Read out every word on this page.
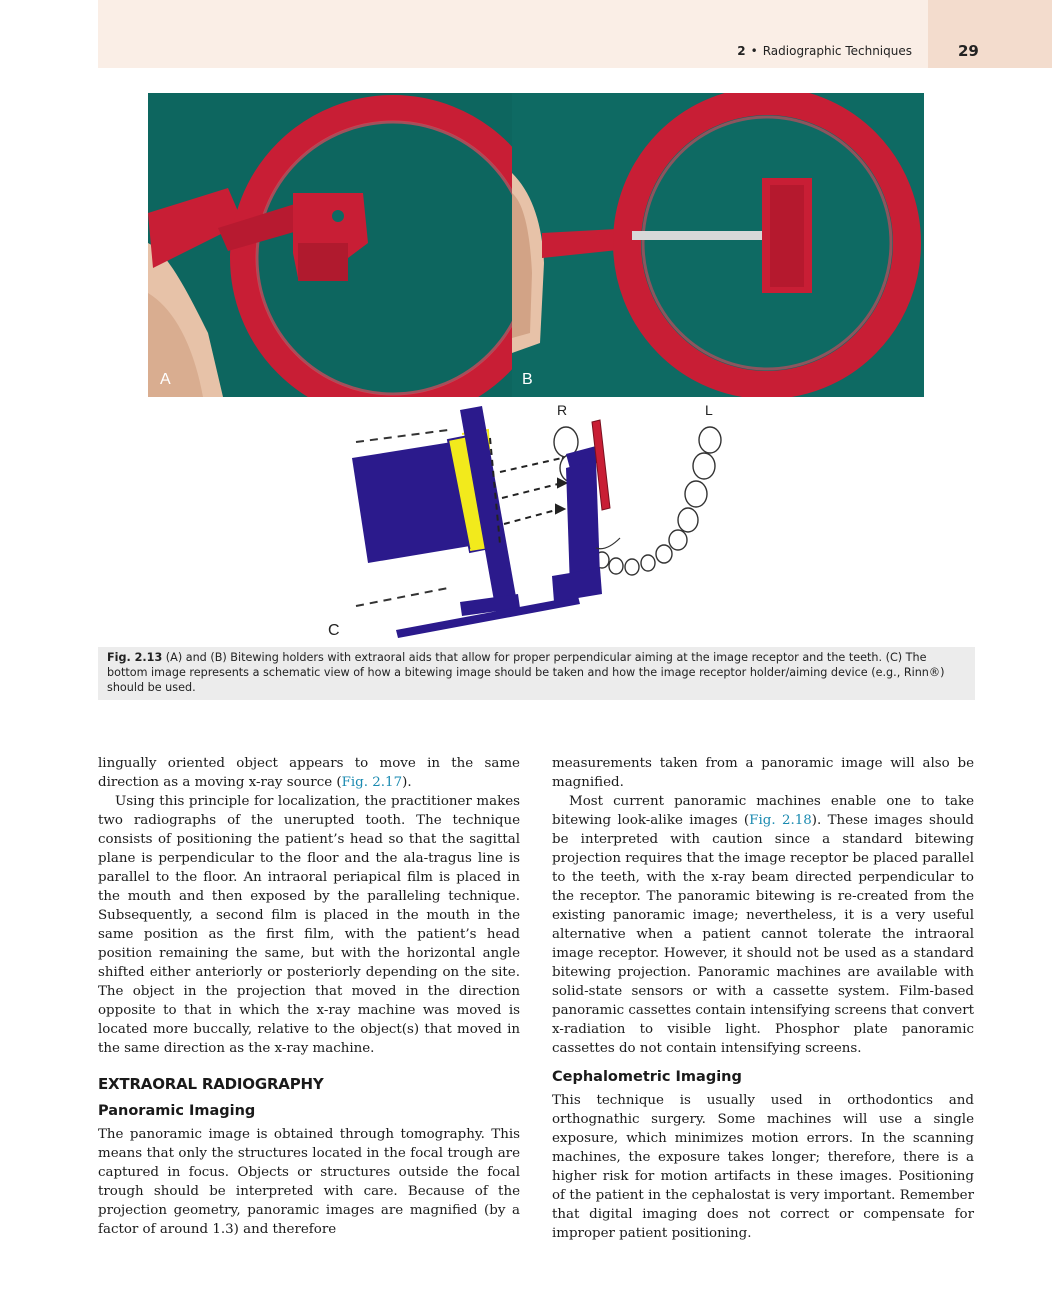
2 • Radiographic Techniques	29
A	B
R	L
C
Fig. 2.13 (A) and (B) Bitewing holders with extraoral aids that allow for proper perpendicular aiming at the image receptor and the teeth. (C) The bottom image represents a schematic view of how a bitewing image should be taken and how the image receptor holder/aiming device (e.g., Rinn®) should be used.

lingually oriented object appears to move in the same direction as a moving x-ray source (Fig. 2.17).

Using this principle for localization, the practitioner makes two radiographs of the unerupted tooth. The technique consists of positioning the patient’s head so that the sagittal plane is perpendicular to the floor and the ala-tragus line is parallel to the floor. An intraoral periapical film is placed in the mouth and then exposed by the paralleling technique. Subsequently, a second film is placed in the mouth in the same position as the first film, with the patient’s head position remaining the same, but with the horizontal angle shifted either anteriorly or posteriorly depending on the site. The object in the projection that moved in the direction opposite to that in which the x-ray machine was moved is located more buccally, relative to the object(s) that moved in the same direction as the x-ray machine.

EXTRAORAL RADIOGRAPHY
Panoramic Imaging

The panoramic image is obtained through tomography. This means that only the structures located in the focal trough are captured in focus. Objects or structures outside the focal trough should be interpreted with care. Because of the projection geometry, panoramic images are magnified (by a factor of around 1.3) and therefore

measurements taken from a panoramic image will also be magnified.

Most current panoramic machines enable one to take bitewing look-alike images (Fig. 2.18). These images should be interpreted with caution since a standard bitewing projection requires that the image receptor be placed parallel to the teeth, with the x-ray beam directed perpendicular to the receptor. The panoramic bitewing is re-created from the existing panoramic image; nevertheless, it is a very useful alternative when a patient cannot tolerate the intraoral image receptor. However, it should not be used as a standard bitewing projection. Panoramic machines are available with solid-state sensors or with a cassette system. Film-based panoramic cassettes contain intensifying screens that convert x-radiation to visible light. Phosphor plate panoramic cassettes do not contain intensifying screens.

Cephalometric Imaging

This technique is usually used in orthodontics and orthognathic surgery. Some machines will use a single exposure, which minimizes motion errors. In the scanning machines, the exposure takes longer; therefore, there is a higher risk for motion artifacts in these images. Positioning of the patient in the cephalostat is very important. Remember that digital imaging does not correct or compensate for improper patient positioning.
